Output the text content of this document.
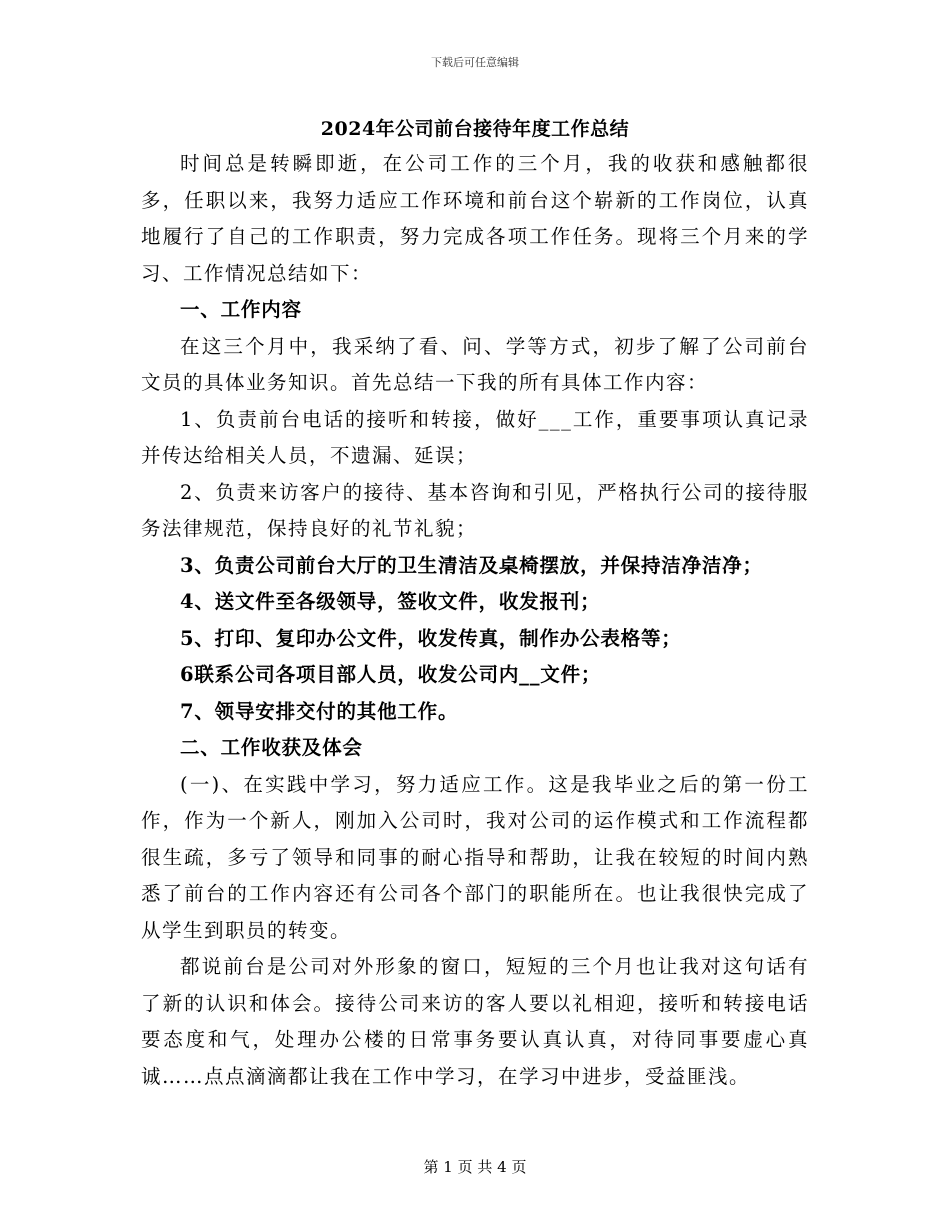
下载后可任意编辑
2024年公司前台接待年度工作总结

时间总是转瞬即逝，在公司工作的三个月，我的收获和感触都很多，任职以来，我努力适应工作环境和前台这个崭新的工作岗位，认真地履行了自己的工作职责，努力完成各项工作任务。现将三个月来的学习、工作情况总结如下：

一、工作内容

在这三个月中，我采纳了看、问、学等方式，初步了解了公司前台文员的具体业务知识。首先总结一下我的所有具体工作内容：

1、负责前台电话的接听和转接，做好___工作，重要事项认真记录并传达给相关人员，不遗漏、延误；

2、负责来访客户的接待、基本咨询和引见，严格执行公司的接待服务法律规范，保持良好的礼节礼貌；

3、负责公司前台大厅的卫生清洁及桌椅摆放，并保持洁净洁净；

4、送文件至各级领导，签收文件，收发报刊；

5、打印、复印办公文件，收发传真，制作办公表格等；

6联系公司各项目部人员，收发公司内__文件；

7、领导安排交付的其他工作。

二、工作收获及体会

(一)、在实践中学习，努力适应工作。这是我毕业之后的第一份工作，作为一个新人，刚加入公司时，我对公司的运作模式和工作流程都很生疏，多亏了领导和同事的耐心指导和帮助，让我在较短的时间内熟悉了前台的工作内容还有公司各个部门的职能所在。也让我很快完成了从学生到职员的转变。

都说前台是公司对外形象的窗口，短短的三个月也让我对这句话有了新的认识和体会。接待公司来访的客人要以礼相迎，接听和转接电话要态度和气，处理办公楼的日常事务要认真认真，对待同事要虚心真诚……点点滴滴都让我在工作中学习，在学习中进步，受益匪浅。

第 1 页 共 4 页
